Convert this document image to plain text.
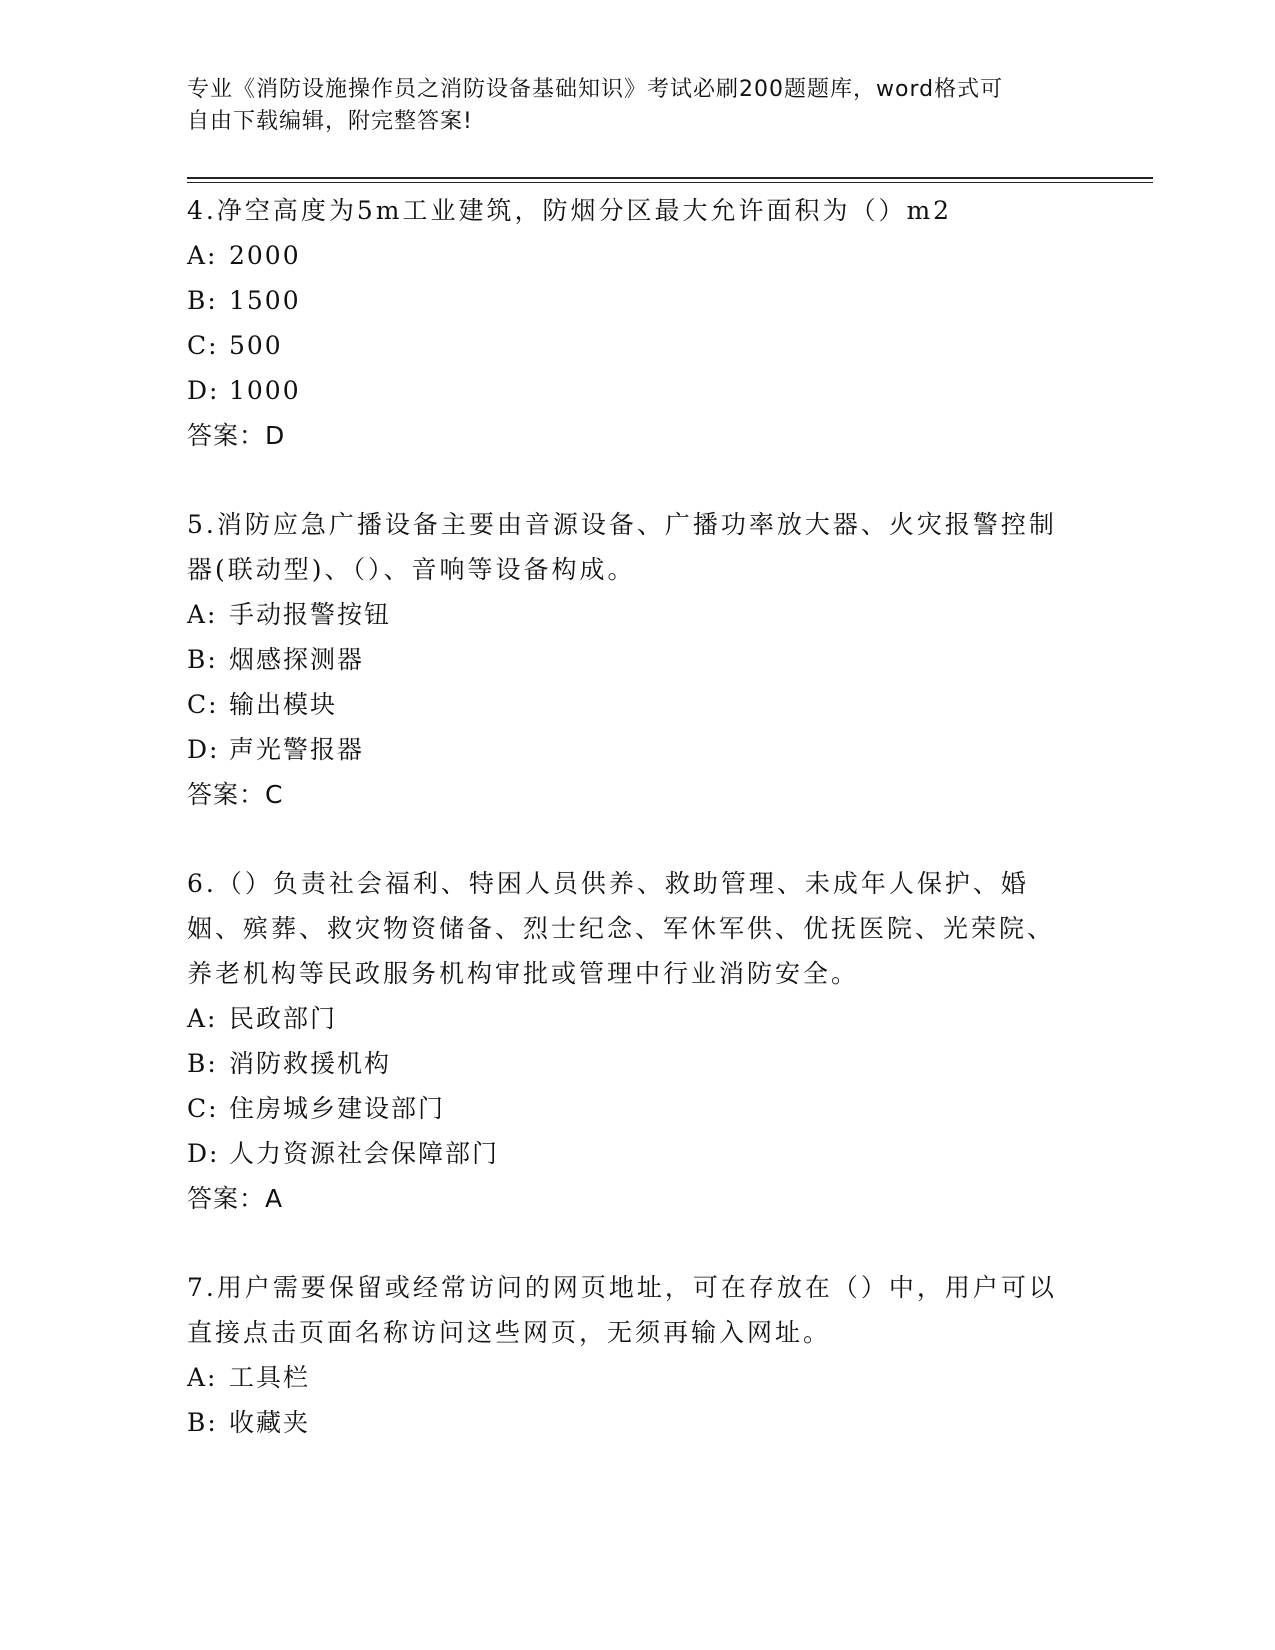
专业《消防设施操作员之消防设备基础知识》考试必刷200题题库，word格式可
自由下载编辑，附完整答案!
4.净空高度为5m工业建筑，防烟分区最大允许面积为（）m2
A: 2000
B: 1500
C: 500
D: 1000
答案：D
5.消防应急广播设备主要由音源设备、广播功率放大器、火灾报警控制器(联动型)、（）、音响等设备构成。
A: 手动报警按钮
B: 烟感探测器
C: 输出模块
D: 声光警报器
答案：C
6.（）负责社会福利、特困人员供养、救助管理、未成年人保护、婚姻、殡葬、救灾物资储备、烈士纪念、军休军供、优抚医院、光荣院、养老机构等民政服务机构审批或管理中行业消防安全。
A: 民政部门
B: 消防救援机构
C: 住房城乡建设部门
D: 人力资源社会保障部门
答案：A
7.用户需要保留或经常访问的网页地址，可在存放在（）中，用户可以直接点击页面名称访问这些网页，无须再输入网址。
A: 工具栏
B: 收藏夹
